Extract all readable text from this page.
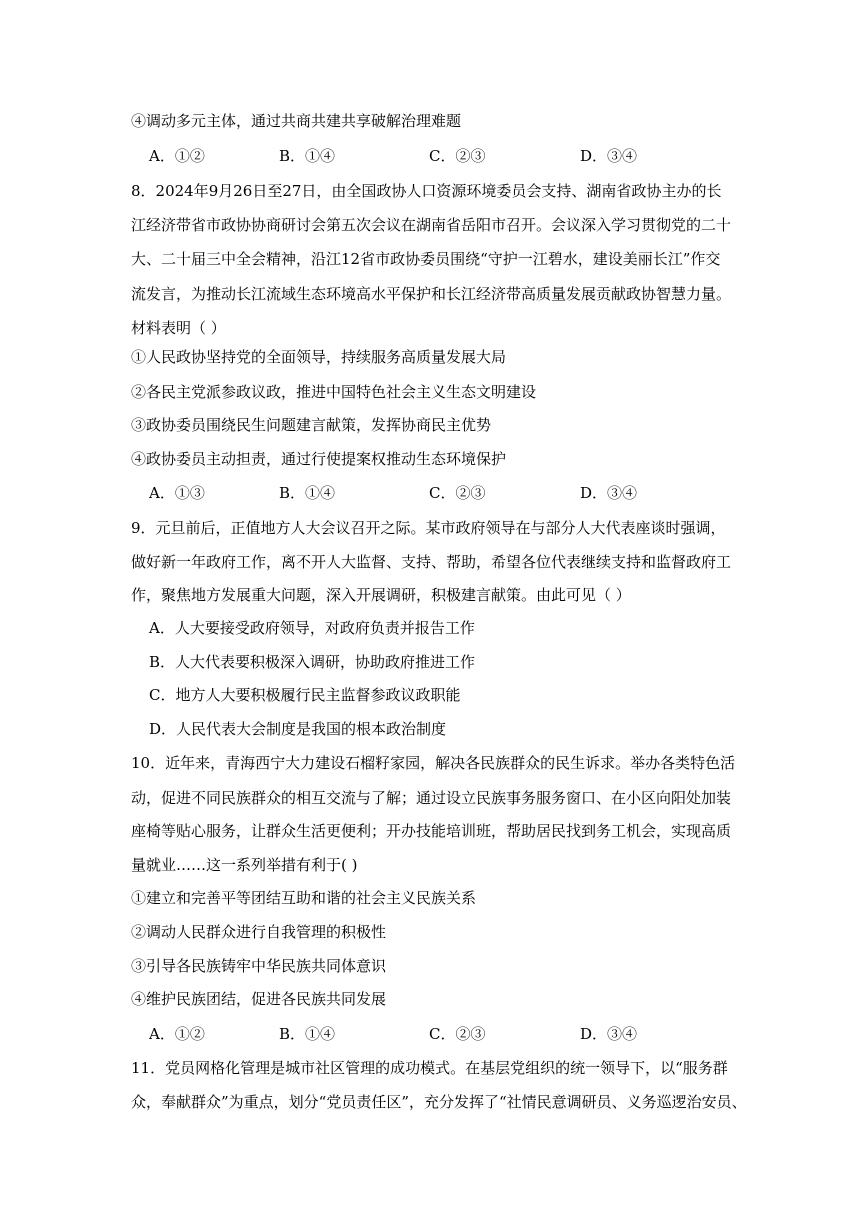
④调动多元主体，通过共商共建共享破解治理难题
A．①②	B．①④	C．②③	D．③④
8．2024年9月26日至27日，由全国政协人口资源环境委员会支持、湖南省政协主办的长
江经济带省市政协协商研讨会第五次会议在湖南省岳阳市召开。会议深入学习贯彻党的二十
大、二十届三中全会精神，沿江12省市政协委员围绕“守护一江碧水，建设美丽长江”作交
流发言，为推动长江流域生态环境高水平保护和长江经济带高质量发展贡献政协智慧力量。
材料表明（ ）
①人民政协坚持党的全面领导，持续服务高质量发展大局
②各民主党派参政议政，推进中国特色社会主义生态文明建设
③政协委员围绕民生问题建言献策，发挥协商民主优势
④政协委员主动担责，通过行使提案权推动生态环境保护
A．①③	B．①④	C．②③	D．③④
9．元旦前后，正值地方人大会议召开之际。某市政府领导在与部分人大代表座谈时强调，
做好新一年政府工作，离不开人大监督、支持、帮助，希望各位代表继续支持和监督政府工
作，聚焦地方发展重大问题，深入开展调研，积极建言献策。由此可见（ ）
A．人大要接受政府领导，对政府负责并报告工作
B．人大代表要积极深入调研，协助政府推进工作
C．地方人大要积极履行民主监督参政议政职能
D．人民代表大会制度是我国的根本政治制度
10．近年来，青海西宁大力建设石榴籽家园，解决各民族群众的民生诉求。举办各类特色活
动，促进不同民族群众的相互交流与了解；通过设立民族事务服务窗口、在小区向阳处加装
座椅等贴心服务，让群众生活更便利；开办技能培训班，帮助居民找到务工机会，实现高质
量就业……这一系列举措有利于( )
①建立和完善平等团结互助和谐的社会主义民族关系
②调动人民群众进行自我管理的积极性
③引导各民族铸牢中华民族共同体意识
④维护民族团结，促进各民族共同发展
A．①②	B．①④	C．②③	D．③④
11．党员网格化管理是城市社区管理的成功模式。在基层党组织的统一领导下，以“服务群
众，奉献群众”为重点，划分“党员责任区”，充分发挥了“社情民意调研员、义务巡逻治安员、
